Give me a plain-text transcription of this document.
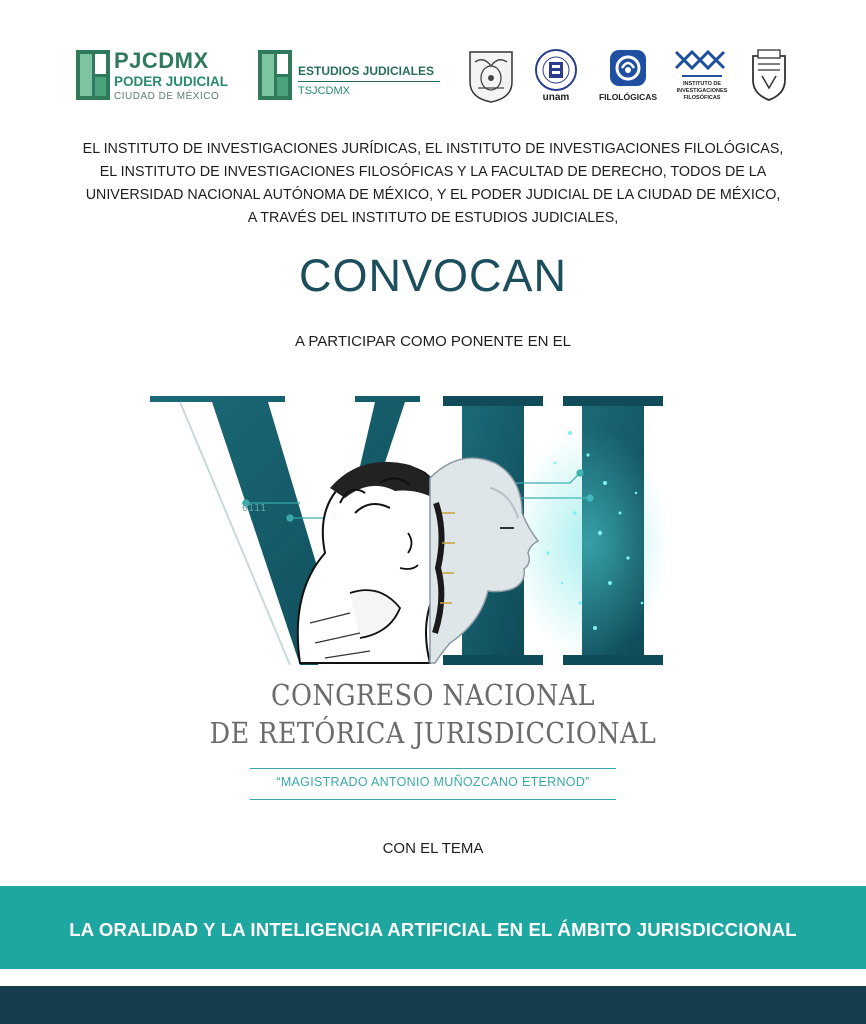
PJCDMX
PODER JUDICIAL
CIUDAD DE MÉXICO
ESTUDIOS JUDICIALES
TSJCDMX
unam	FILOLÓGICAS
INSTITUTO DE
INVESTIGACIONES
FILOSÓFICAS
EL INSTITUTO DE INVESTIGACIONES JURÍDICAS, EL INSTITUTO DE INVESTIGACIONES FILOLÓGICAS,
EL INSTITUTO DE INVESTIGACIONES FILOSÓFICAS Y LA FACULTAD DE DERECHO, TODOS DE LA
UNIVERSIDAD NACIONAL AUTÓNOMA DE MÉXICO, Y EL PODER JUDICIAL DE LA CIUDAD DE MÉXICO,
A TRAVÉS DEL INSTITUTO DE ESTUDIOS JUDICIALES,
CONVOCAN
A PARTICIPAR COMO PONENTE EN EL
0111
CONGRESO NACIONAL
DE RETÓRICA JURISDICCIONAL
“MAGISTRADO ANTONIO MUÑOZCANO ETERNOD”
CON EL TEMA
LA ORALIDAD Y LA INTELIGENCIA ARTIFICIAL EN EL ÁMBITO JURISDICCIONAL
